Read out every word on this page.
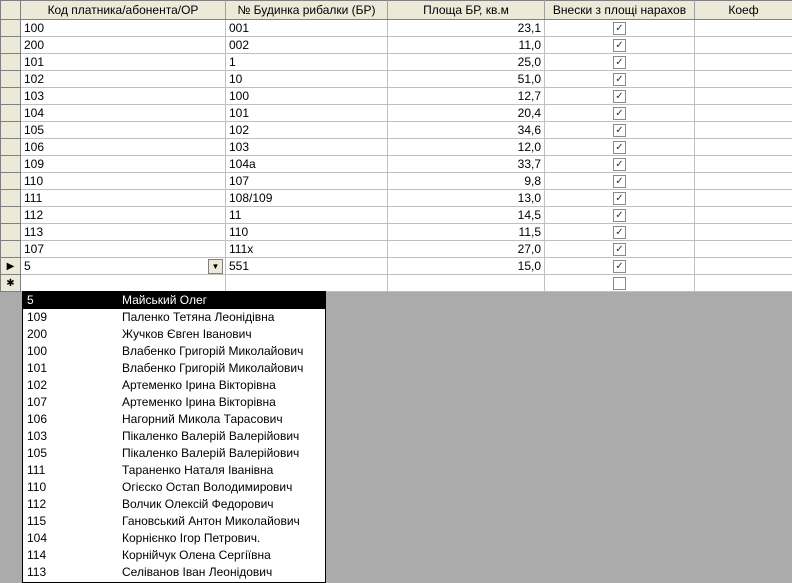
	Код платника/абонента/ОР	№ Будинка рибалки (БР)	Площа БР, кв.м	Внески з площі нарахов	Коеф
	100	001	23,1	✓	
	200	002	11,0	✓	
	101	1	25,0	✓	
	102	10	51,0	✓	
	103	100	12,7	✓	
	104	101	20,4	✓	
	105	102	34,6	✓	
	106	103	12,0	✓	
	109	104a	33,7	✓	
	110	107	9,8	✓	
	111	108/109	13,0	✓	
	112	11	14,5	✓	
	113	110	11,5	✓	
	107	111x	27,0	✓	
▶	5 ▼	551	15,0	✓	
✱					
5	Майський Олег
109	Паленко Тетяна Леонідівна
200	Жучков Євген Іванович
100	Влабенко Григорій Миколайович
101	Влабенко Григорій Миколайович
102	Артеменко Ірина Вікторівна
107	Артеменко Ірина Вікторівна
106	Нагорний Микола Тарасович
103	Пікаленко Валерій Валерійович
105	Пікаленко Валерій Валерійович
111	Тараненко Наталя Іванівна
110	Огієско Остап Володимирович
112	Волчик Олексій Федорович
115	Гановський Антон Миколайович
104	Корнієнко Ігор Петрович.
114	Корнійчук Олена Сергіївна
113	Селіванов Іван Леонідович
